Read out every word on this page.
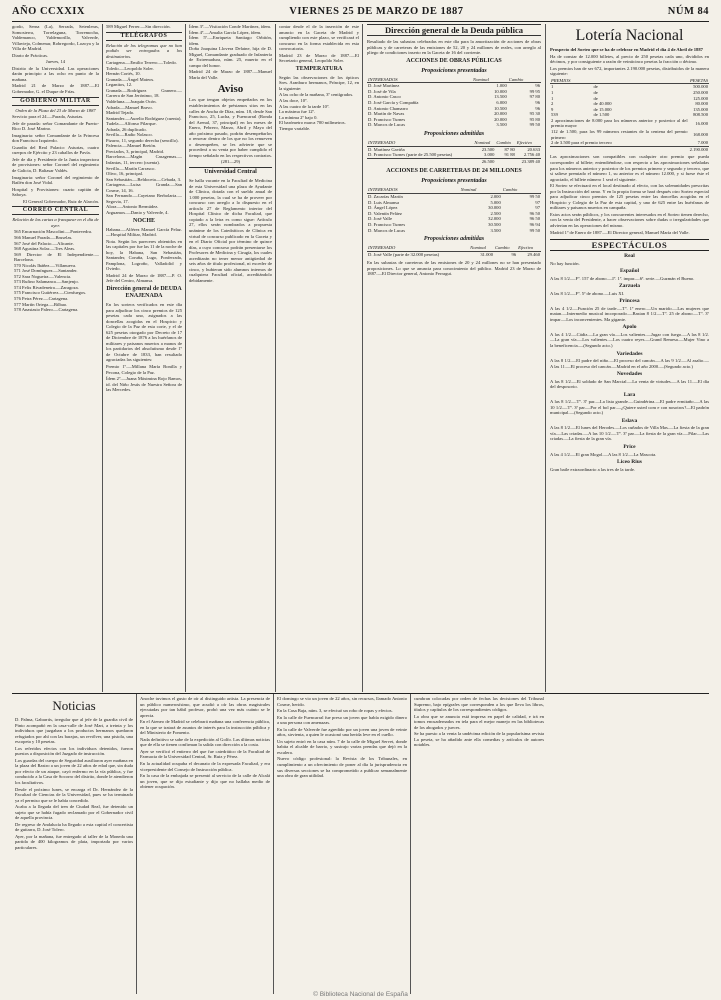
AÑO CCXXIX	VIERNES 25 DE MARZO DE 1887	NÚM 84

gordo, Serna (La), Serrada, Setenleras, Somosierra, Torrelaguna, Torremocha, Valdemanco, Valdemorillo, Valverde, Villavieja, Colmenar, Robregordo, Lozoya y la Villa de Madrid.

Diario de Prácticas.

Jueves, 14

Distrito de la Universidad. Las operaciones darán principio a las ocho en punto de la mañana.

Madrid 21 de Marzo de 1887.—El Gobernador, G. el Duque de Frías.

GOBIERNO MILITAR

Orden de la Plaza del 23 de Marzo de 1887

Servicio para el 24.—Parada, Asturias.

Jefe de parada: señor Comandante de Puerto-Rico D. José Marino.

Imaginaria: señor Comandante de la Princesa don Francisco Izquierdo.

Guardia del Real Palacio: Asturias, cuatro cuerpos de Ejército y 23 caballos de Pavía.

Jefe de día y Presidente de la Junta inspectora de provisiones: señor Coronel del regimiento de Galicia, D. Baltasar Valdés.

Imaginaria: señor Coronel del regimiento de Bailén don José Vidal.

Hospital y Provisiones: cuarto capitán de Saboya.

El General Gobernador, Ruiz de Alarcón.

CORREO CENTRAL

Relación de las cartas a franquear en el día de ayer.

565 Encarnación Mascolini.—Pontevedra.
566 Manuel Parada.—Bruselas.
567 José del Palacio.—Alicante.
568 Agustina Solar.—Tres Aleas.
569 Director de El Independiente.—Barcelona.
570 Nicolás Ibáñez.—Villanueva.
571 José Domínguez.—Santander.
572 Sara Nogueira.—Valencia.
573 Rufino Salamanca.—Sanjenjo.
574 Felix Rivadeneira.—Zaragoza.
575 Francisco Gutiérrez.—Cienfuegos.
576 Petra Pérez.—Cartagena.
577 Martín Ortega.—Bilbao.
578 Anastasio Palero.—Cartagena.

589 Miguel Ferrer.—Sin dirección.

TELÉGRAFOS

Relación de los telegramas que no han podido ser entregados a los destinatarios.

Cartagena.—Emilio Terrero.—Toledo.
Toledo.—Leopoldo Soler.
Hernán Cortés, 10.
Granada.—Ángel Mateos.
Leganitos, 12.
Granada.—Rodríguez Granero.—Carrera de San Jerónimo, 18.
Valdeluna.—Joaquín Ocón.
Adrada.—Manuel Bravo.
Madrid Tejado.
Santander.—Aurelio Rodríguez (cuenta).
Tudela.—Alfonso Pilarque.
Adrada, 26 duplicado.
Sevilla.—Radio Nolasco.
Pizarro, 11, segundo derecha (sencillo).
Palencia.—Manuel Bretón.
Preciados, 3, principal, Madrid.
Barcelona.—Magín Casagemas.—Infantas, 11, tercero (cuenta).
Sevilla.—Martín Carrasco.
Olivo, 16, principal.
San Sebastián.—Beldoceta.—Cebada, 3.
Cartagena.—Luisa Granda.—San Cosme, 14, 16.
San Fernando.—Cayetano Berbolaria.—Segovia, 17.
Alora.—Antonio Bermúdez.
Arguamos.—Danio y Valverde, 4.
NOCHE

Habana.—Alférez Manuel García Pelaz.—Hospital Militar, Madrid.

Nota. Según los pareceres obtenidos en las capitales por fue las 11 de la noche de hoy, la Habana, San Sebastián, Santander, Coruña, Lugo, Ponferrada, Pamplona, Logroño, Valladolid y Oviedo.

Madrid 24 de Marzo de 1887.—P. O. Jefe del Centro, Almansa.

Dirección general de DEUDA ENAJENADA

En los sorteos verificados en este día para adjudicar los cinco premios de 125 pesetas cada uno, asignados a las doncellas acogidas en el Hospicio y Colegio de la Paz de esta corte, y el de 625 pesetas otorgado por Decreto de 17 de Diciembre de 1876 a los huérfanos de militares y paisanos muertos a manos de los partidarios del absolutismo desde 1º de Octubre de 1833, han resultado agraciadas las siguientes:

Premio 1º.—Millana María Bonilla y Pecona, Colegio de la Paz.

Ídem 2º.—Juana Máximina Rojo Ramos, id. del Niño Jesús de Nuestra Señora de las Mercedes.

Ídem 3º.—Visitación Conde Martínez, ídem.
Ídem 4º.—Amalia García López, ídem.
Ídem 5º.—Enriqueta Santiago Orbitón, ídem.

Doña Joaquina Llovera Delaine, hija de D. Miguel, Comandante graduado de Infantería de Extremadura, núm. 25, muerto en el campo del honor.

Madrid 24 de Marzo de 1887.—Manuel María del Valle.

Aviso

Los que tengan objetos empeñados en los establecimientos de préstamos sitos en las calles de Ancha de Díaz, núm. 18, desde San Francisco, 25, Lucha, y Fuencarral (Ronda del Arenal, 37, principal) en los meses de Enero, Febrero, Marzo, Abril y Mayo del año próximo pasado, podrán desempeñarlos o renovar dentro de los que no los renueven o desempeñen, se les advierte que se procederá a su venta por haber cumplido el tiempo señalado en los respectivos contratos.

(281—29)

Universidad Central

Se halla vacante en la Facultad de Medicina de esta Universidad una plaza de Ayudante de Clínica, dotada con el sueldo anual de 1.000 pesetas, la cual se ha de proveer por concurso con arreglo a lo dispuesto en el artículo 27 de Reglamento interior del Hospital Clínico de dicha Facultad, que copiado a la letra es como sigue: Artículo 27, ellos serán nombrados a propuesta unánime de los Catedráticos de Clínica en virtud de concurso publicado en la Gaceta y en el Diario Oficial por término de quince días, a cuyo concurso podrán presentarse los Profesores de Medicina y Cirugía, los cuales acreditarán no tener menor antigüedad de seis años de título profesional, ni exceder de cinco, y hubieran sido alumnos internos de cualquiera Facultad oficial, acreditándolo debidamente.

contar desde el de la inserción de este anuncio en la Gaceta de Madrid y cumpliendo con este plazo, se verificará el concurso en la forma establecida en esta convocatoria.

Madrid 23 de Marzo de 1887.—El Secretario general, Leopoldo Soler.

TEMPERATURA

Según las observaciones de los ópticos Sres. Aranburo hermanos, Príncipe, 12, en la siguiente:

A las ocho de la mañana, 3º centígrados.
A las doce, 10º.
A las cuatro de la tarde 10º.
La máxima fue 12º.
La mínima 2º bajo 0.
El barómetro marca 700 milímetros.
Tiempo variable.
Dirección general de la Deuda pública

Resultado de las subastas celebradas en este día para la amortización de acciones de obras públicas y de carreteras de las emisiones de 52, 20 y 24 millones de reales, con arreglo al pliego de condiciones inserto en la Gaceta de 16 del corriente.

ACCIONES DE OBRAS PÚBLICAS
Proposiciones presentadas
INTERESADOS	Nominal	Cambio
D. José Martínez	1.000	96
D. José de Vila	10.000	99 95
D. Antonio Casco	13.500	97 80
D. José García y Compañía	6.000	96
D. Antonio Chamarro	10.500	96
D. Martín de Navas	20.000	95 30
D. Francisco Turnes	20.000	95 80
D. Marcos de Lucas	3.500	99 50
Proposiciones admitidas
INTERESADO	Nominal	Cambio	Efectivo
D. Martínez Gaviña	23.500	87 80	20.633
D. Francisco Turnes (parte de 25.500 pesetas)	3.000	91 88	2.756 40
	26.500		23.389 40
ACCIONES DE CARRETERAS DE 24 MILLONES
Proposiciones presentadas
INTERESADOS	Nominal	Cambio
D. Zacarías Martín	2.000	99 50
D. Luis Almansa	5.000	97
D. Ángel López	30.000	97
D. Valentín Peláez	2.500	96 50
D. José Valle	32.000	96 50
D. Francisco Turnes	30.500	96 94
D. Marcos de Lucas	3.500	99 50
Proposiciones admitidas
INTERESADO	Nominal	Cambio	Efectivo
D. José Valle (parte de 32.000 pesetas)	31.000	96	29.460

En las subastas de carreteras de las emisiones de 20 y 24 millones no se han presentado proposiciones. Lo que se anuncia para conocimiento del público. Madrid 23 de Marzo de 1887.—El Director general, Antonio Ferragut.

Lotería Nacional

Prospecto del Sorteo que se ha de celebrar en Madrid el día 4 de Abril de 1887

Ha de constar de 12.000 billetes, al precio de 250 pesetas cada uno, divididos en décimos, y por consiguiente a razón de veinticinco pesetas la fracción o décimo.

Los premios han de ser 672, importantes 2.190.000 pesetas, distribuidos de la manera siguiente:

PREMIOS		PESETAS
1	de	500.000
1	de	250.000
1	de	125.000
2	de 40.000	80.000
9	de 15.000	135.000
539	de 1.500	808.500
2 aproximaciones de 8.000 para los números anterior y posterior al del premio mayor		16.000
112 de 1.500, para los 99 números restantes de la centena del premio primero		168.000
2 de 3.500 para el premio tercero		7.000
		2.190.000

Las aproximaciones son compatibles con cualquier otro premio que pueda corresponder al billete; entendiéndose, con respecto a las aproximaciones señaladas para los números anterior y posterior de los premios primero y segundo y tercero, que si saliese premiado el número 1, su anterior es el número 12.000, y si fuese éste el agraciado, el billete número 1 será el siguiente.

El Sorteo se efectuará en el local destinado al efecto, con las solemnidades prescritas por la Instrucción del ramo. Y en la propia forma se hará después otro Sorteo especial para adjudicar cinco premios de 125 pesetas entre las doncellas acogidas en el Hospicio y Colegio de la Paz de esta capital, y uno de 625 entre las huérfanas de militares y paisanos muertos en campaña.

Estos actos serán públicos, y los concurrentes interesados en el Sorteo tienen derecho, con la venia del Presidente, a hacer observaciones sobre dudas o irregularidades que adviertan en las operaciones del mismo.

Madrid 1º de Enero de 1887.—El Director general, Manuel María del Valle.

ESPECTÁCULOS
Real

No hay función.

Español

A las 8 1/2.—Fº. 157 de abono.—Iº. 1º. impar.—6ª. serie.—Guzmán el Bueno.

Zarzuela

A las 8 1/2.—Fº. 5ª de abono.—Luis XI.

Princesa

A las 4 1/2.—Función 25 de tarde.—Tº. 1º enero.—Un marido.—Las mujeres que matan.—Intermedio musical incorporado.—Bastan 8 1/2.—Tº. 25 de abono.—Tº. 3º impar.—Los inconvenientes. Ma gigante.

Apolo

A las 4 1/2.—Cádiz.—La gran vía.—Los valientes.—Jugar con fuego.—A las 8 1/2.—La gran vía.—Los valientes.—Los cuatro reyes.—Grand Remesa.—Mujer Vino a la beneficencia.—(Segundo acto.)

Variedades

A las 8 1/2.—El padre del niño.—El proceso del cancán.—A las 9 1/2.—Al asalto.—A las 11.—El proceso del cancán.—Madrid en el año 2000.—(Segundo acto.)

Novedades

A las 8 1/2.—El soldado de San Marcial.—La venta de virtudes.—A las 11.—El día del desposorio.

Lara

A las 8 1/2.—Tº. 3º par.—La lista grande.—Guindérina.—El padre ermitaño.—A las 10 1/2.—Tº. 3ª par.—Por el bol par.—¿Quiere usted com e con nosotros?—El padrón municipal.—(Segundo acto.)

Eslava

A las 8 1/2.—El lunes del Herodes.—Los cuñados de Villa Mas.—La fiesta de la gran vía.—Las criadas.—A las 10 1/2.—Tº. 3º par.—La fiesta de la gran vía.—Pilar.—Las criadas.—La fiesta de la gran vía.

Price

A las 4 1/2.—El gran Mogol.—A las 8 1/2.—La Mascota.

Liceo Rius

Gran baile extraordinario a las tres de la tarde.

Noticias

D. Palma, Gabarrús, irregular que al jefe de la guardia civil de Pinto acompañó en la casa-calle de José Mari, a treinta y los individuos que juzgaban a los productos hermanos quedaron refugiados por ahí con las barajas, un revólver, una pistola, una escopeta y 10 pesetas.

Los referidos efectos con los individuos detenidos, fueron puestos a disposición del Juzgado de instrucción.

Los guardas del cuerpo de Seguridad auxiliaron ayer mañana en la plaza del Rastro a un joven de 22 años de edad que, sin duda por efecto de un ataque, cayó enfermo en la vía pública, y fue conducido a la Casa de Socorro del distrito, donde le atendieron los facultativos.

Desde el próximo lunes, se encarga el Dr. Hernández de la Facultad de Ciencias de la Universidad, pues se ha terminado ya el permiso que se le había concedido.

Acaba a la llegada del tren de Ciudad Real, fue detenido un sujeto que se había fugado reclamado por el Gobernador civil de aquella provincia.

De regreso de Andalucía ha llegado a esta capital el concertista de guitarra, D. José Tolero.

Ayer, por la mañana, fue entregado al taller de la Moneda una partida de 400 kilogramos de plata, importada por varios particulares.

Anoche tuvimos el gusto de oír al distinguido artista. La presencia de un público numerosísimo, que acudió a oír las obras magistrales ejecutadas por tan hábil profesor, probó una vez más cuánto se le aprecia.

En el Ateneo de Madrid se celebrará mañana una conferencia pública, en la que se tratará de asuntos de interés para la instrucción pública y del Ministerio de Fomento.

Nada definitivo se sabe de la expedición al Golfo. Las últimas noticias que de ella se tienen confirman la salida con dirección a la costa.

Ayer se verificó el entierro del que fue catedrático de la Facultad de Farmacia de la Universidad Central, Sr. Ruiz y Pérez.

En la actualidad ocupaba el decanato de la expresada Facultad, y era vicepresidente del Consejo de Instrucción pública.

En la casa de la embajada se presentó al servicio de la calle de Alcalá un joven, que se dijo estudiante y dijo que no hallaba medio de obtener ocupación.

El domingo se vio un joven de 22 años, sin recursos, llamado Antonio Cosme, herido.

En la Casa Baja, núm. 3, se efectuó un robo de ropas y efectos.

En la calle de Fuencarral fue preso un joven que había exigido dinero a una persona con amenazas.

En la calle de Valverde fue agredido por un joven una joven de veinte años, sirvienta, a quien le ocasionó una herida leve en el cuello.

Un sujeto entró en la casa núm. 7 de la calle de Miguel Servet, donde habita el alcalde de barrio, y sustrajo varias prendas que dejó en la escalera.

Nuevo código profesional: la Revista de los Tribunales, en cumplimiento a un ofrecimiento de poner al día la jurisprudencia en sus diversas secciones se ha comprometido a publicar semanalmente una obra de gran utilidad.

cumbran colocadas por orden de fechas las decisiones del Tribunal Supremo, bajo epígrafes que corresponden a los que lleva los libros, títulos y capítulos de los correspondientes códigos.

La obra que se anuncia está impresa en papel de calidad, e irá en tomos encuadernados en tela para el mejor manejo en las bibliotecas de los abogados y jueces.

Se ha puesto a la venta la undécima edición de la popularísima revista La peseta, se ha añadido ante ella comedias y artículos de autores notables.

© Biblioteca Nacional de España
